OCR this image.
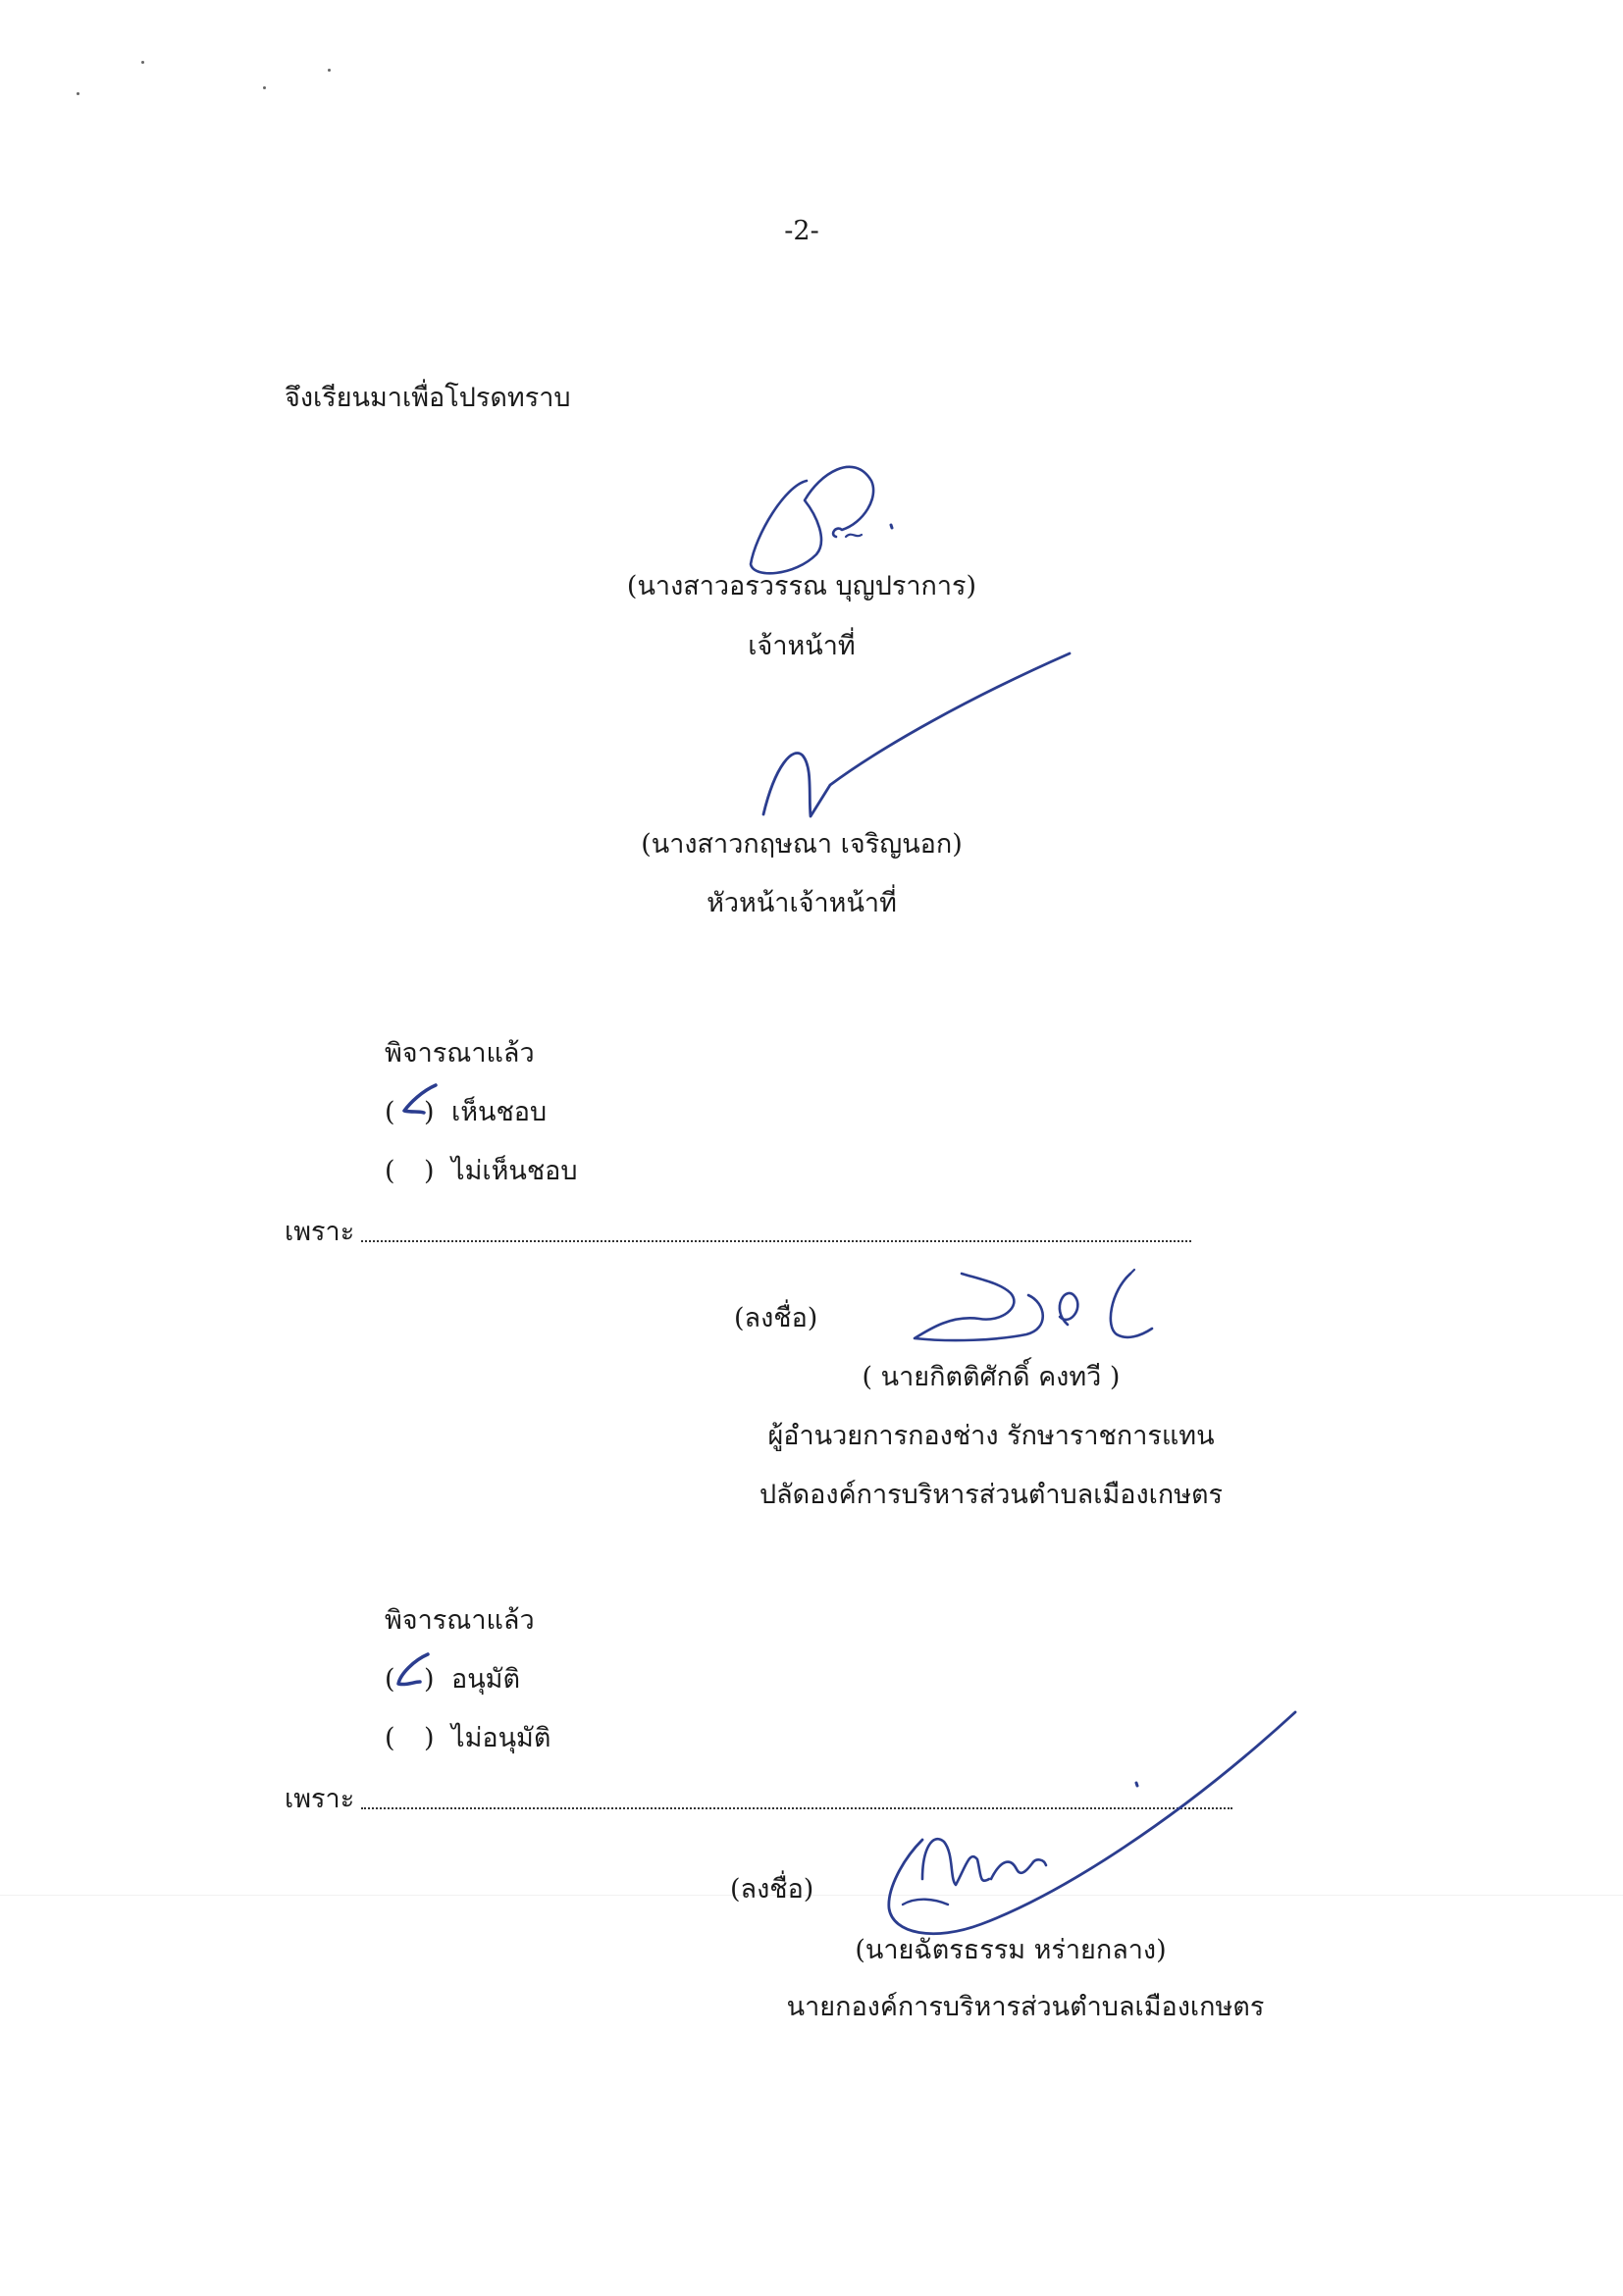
-2-
จึงเรียนมาเพื่อโปรดทราบ
(นางสาวอรวรรณ บุญปราการ)
เจ้าหน้าที่
(นางสาวกฤษณา เจริญนอก)
หัวหน้าเจ้าหน้าที่
พิจารณาแล้ว
( ) เห็นชอบ
( ) ไม่เห็นชอบ
เพราะ
(ลงชื่อ)
( นายกิตติศักดิ์ คงทวี )
ผู้อำนวยการกองช่าง รักษาราชการแทน
ปลัดองค์การบริหารส่วนตำบลเมืองเกษตร
พิจารณาแล้ว
( ) อนุมัติ
( ) ไม่อนุมัติ
เพราะ
(ลงชื่อ)
(นายฉัตรธรรม หร่ายกลาง)
นายกองค์การบริหารส่วนตำบลเมืองเกษตร
